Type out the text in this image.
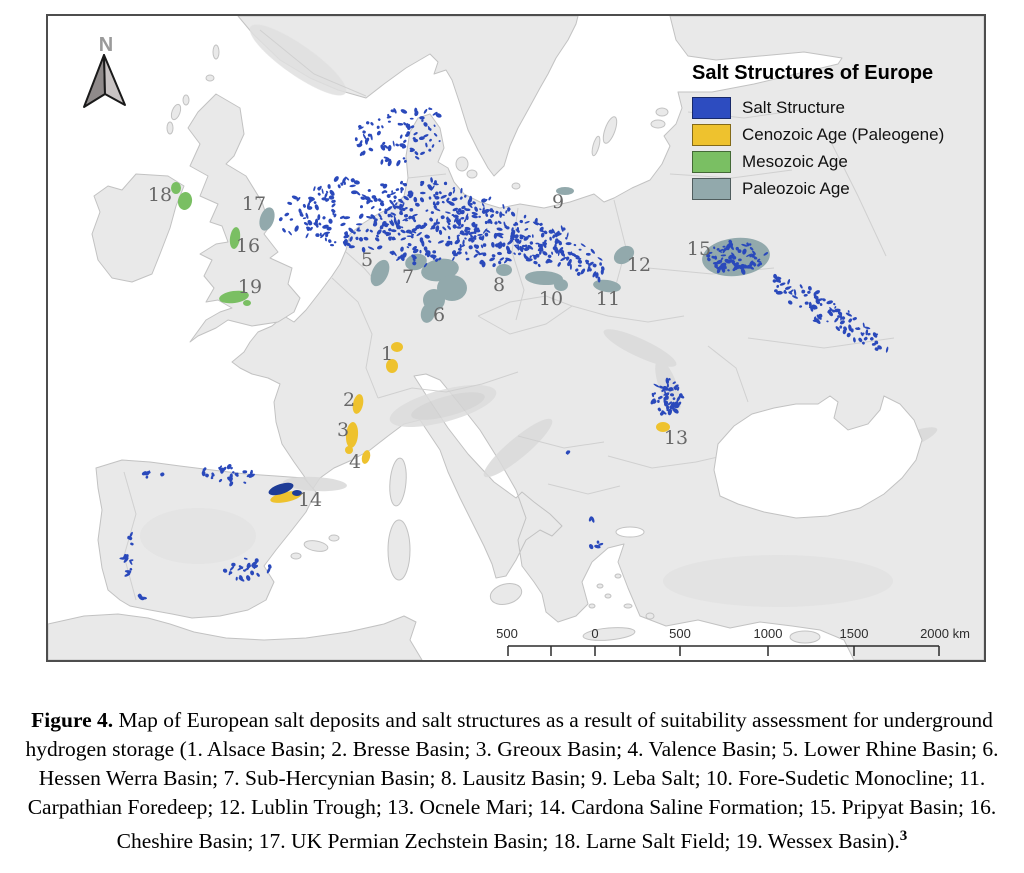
1
2
3
4
5
6
7	8
9
10 11
12
13
14
15
16
17
18
19
500	0	500	1000	1500	2000 km
N
Salt Structures of Europe
Salt Structure
Cenozoic Age (Paleogene)
Mesozoic Age
Paleozoic Age

Figure 4. Map of European salt deposits and salt structures as a result of suitability assessment for underground hydrogen storage (1. Alsace Basin; 2. Bresse Basin; 3. Greoux Basin; 4. Valence Basin; 5. Lower Rhine Basin; 6. Hessen Werra Basin; 7. Sub-Hercynian Basin; 8. Lausitz Basin; 9. Leba Salt; 10. Fore-Sudetic Monocline; 11. Carpathian Foredeep; 12. Lublin Trough; 13. Ocnele Mari; 14. Cardona Saline Formation; 15. Pripyat Basin; 16. Cheshire Basin; 17. UK Permian Zechstein Basin; 18. Larne Salt Field; 19. Wessex Basin).$^3$
